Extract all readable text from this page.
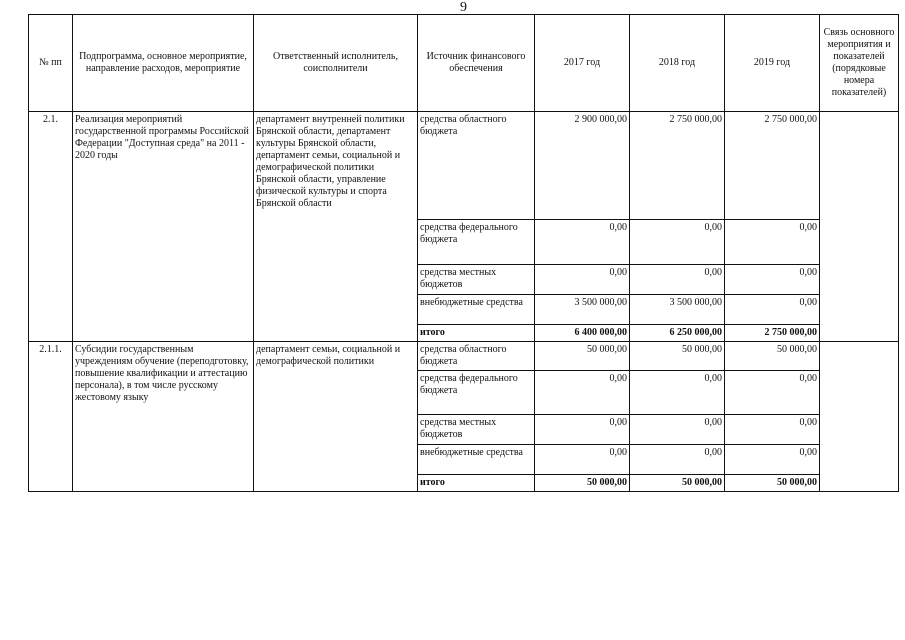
9
№ пп	Подпрограмма, основное мероприятие, направление расходов, мероприятие	Ответственный исполнитель, соисполнители	Источник финансового обеспечения	2017 год	2018 год	2019 год	Связь основного мероприятия и показателей (порядковые номера показателей)
2.1.	Реализация мероприятий государственной программы Российской Федерации "Доступная среда" на 2011 - 2020 годы	департамент внутренней политики Брянской области, департамент культуры Брянской области, департамент семьи, социальной и демографической политики Брянской области, управление физической культуры и спорта Брянской области	средства областного бюджета	2 900 000,00	2 750 000,00	2 750 000,00	
			средства федерального бюджета	0,00	0,00	0,00	
			средства местных бюджетов	0,00	0,00	0,00	
			внебюджетные средства	3 500 000,00	3 500 000,00	0,00	
			итого	6 400 000,00	6 250 000,00	2 750 000,00	
2.1.1.	Субсидии государственным учреждениям обучение (переподготовку, повышение квалификации и аттестацию персонала), в том числе русскому жестовому языку	департамент семьи, социальной и демографической политики	средства областного бюджета	50 000,00	50 000,00	50 000,00	
			средства федерального бюджета	0,00	0,00	0,00	
			средства местных бюджетов	0,00	0,00	0,00	
			внебюджетные средства	0,00	0,00	0,00	
			итого	50 000,00	50 000,00	50 000,00	
